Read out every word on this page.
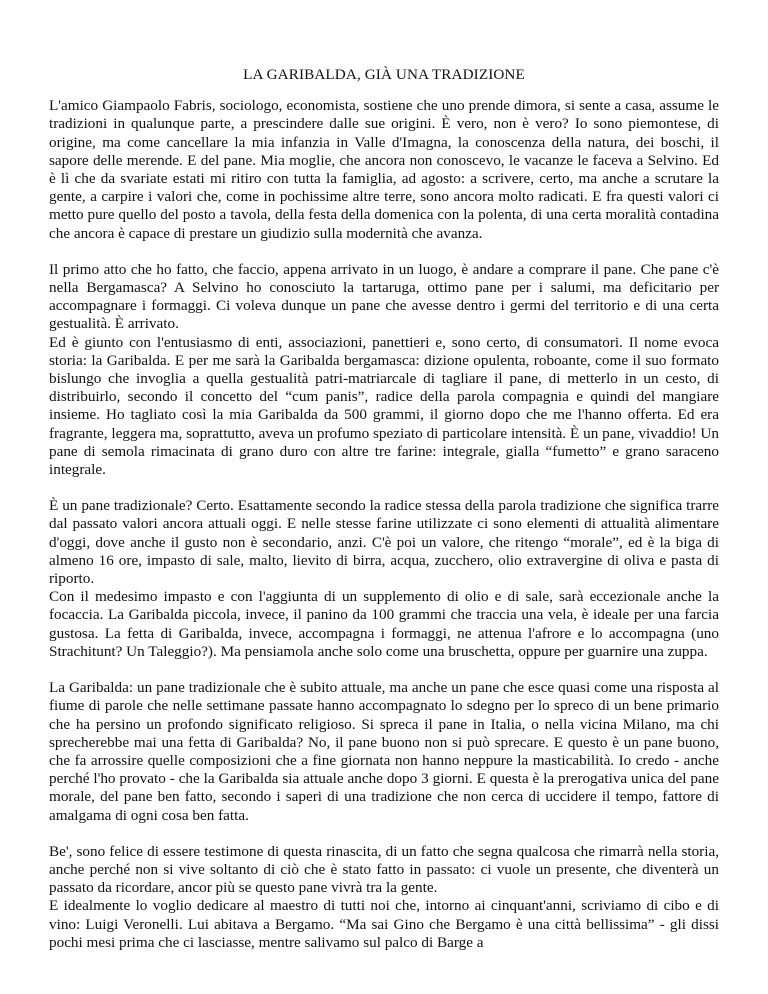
LA GARIBALDA, GIÀ UNA TRADIZIONE

L'amico Giampaolo Fabris, sociologo, economista, sostiene che uno prende dimora, si sente a casa, assume le tradizioni in qualunque parte, a prescindere dalle sue origini. È vero, non è vero? Io sono piemontese, di origine, ma come cancellare la mia infanzia in Valle d'Imagna, la conoscenza della natura, dei boschi, il sapore delle merende. E del pane. Mia moglie, che ancora non conoscevo, le vacanze le faceva a Selvino. Ed è lì che da svariate estati mi ritiro con tutta la famiglia, ad agosto: a scrivere, certo, ma anche a scrutare la gente, a carpire i valori che, come in pochissime altre terre, sono ancora molto radicati. E fra questi valori ci metto pure quello del posto a tavola, della festa della domenica con la polenta, di una certa moralità contadina che ancora è capace di prestare un giudizio sulla modernità che avanza.

Il primo atto che ho fatto, che faccio, appena arrivato in un luogo, è andare a comprare il pane. Che pane c'è nella Bergamasca? A Selvino ho conosciuto la tartaruga, ottimo pane per i salumi, ma deficitario per accompagnare i formaggi. Ci voleva dunque un pane che avesse dentro i germi del territorio e di una certa gestualità. È arrivato.

Ed è giunto con l'entusiasmo di enti, associazioni, panettieri e, sono certo, di consumatori. Il nome evoca storia: la Garibalda. E per me sarà la Garibalda bergamasca: dizione opulenta, roboante, come il suo formato bislungo che invoglia a quella gestualità patri-matriarcale di tagliare il pane, di metterlo in un cesto, di distribuirlo, secondo il concetto del “cum panis”, radice della parola compagnia e quindi del mangiare insieme. Ho tagliato così la mia Garibalda da 500 grammi, il giorno dopo che me l'hanno offerta. Ed era fragrante, leggera ma, soprattutto, aveva un profumo speziato di particolare intensità. È un pane, vivaddio! Un pane di semola rimacinata di grano duro con altre tre farine: integrale, gialla “fumetto” e grano saraceno integrale.

È un pane tradizionale? Certo. Esattamente secondo la radice stessa della parola tradizione che significa trarre dal passato valori ancora attuali oggi. E nelle stesse farine utilizzate ci sono elementi di attualità alimentare d'oggi, dove anche il gusto non è secondario, anzi. C'è poi un valore, che ritengo “morale”, ed è la biga di almeno 16 ore, impasto di sale, malto, lievito di birra, acqua, zucchero, olio extravergine di oliva e pasta di riporto.

Con il medesimo impasto e con l'aggiunta di un supplemento di olio e di sale, sarà eccezionale anche la focaccia. La Garibalda piccola, invece, il panino da 100 grammi che traccia una vela, è ideale per una farcia gustosa. La fetta di Garibalda, invece, accompagna i formaggi, ne attenua l'afrore e lo accompagna (uno Strachitunt? Un Taleggio?). Ma pensiamola anche solo come una bruschetta, oppure per guarnire una zuppa.

La Garibalda: un pane tradizionale che è subito attuale, ma anche un pane che esce quasi come una risposta al fiume di parole che nelle settimane passate hanno accompagnato lo sdegno per lo spreco di un bene primario che ha persino un profondo significato religioso. Si spreca il pane in Italia, o nella vicina Milano, ma chi sprecherebbe mai una fetta di Garibalda? No, il pane buono non si può sprecare. E questo è un pane buono, che fa arrossire quelle composizioni che a fine giornata non hanno neppure la masticabilità. Io credo - anche perché l'ho provato - che la Garibalda sia attuale anche dopo 3 giorni. E questa è la prerogativa unica del pane morale, del pane ben fatto, secondo i saperi di una tradizione che non cerca di uccidere il tempo, fattore di amalgama di ogni cosa ben fatta.

Be', sono felice di essere testimone di questa rinascita, di un fatto che segna qualcosa che rimarrà nella storia, anche perché non si vive soltanto di ciò che è stato fatto in passato: ci vuole un presente, che diventerà un passato da ricordare, ancor più se questo pane vivrà tra la gente.

E idealmente lo voglio dedicare al maestro di tutti noi che, intorno ai cinquant'anni, scriviamo di cibo e di vino: Luigi Veronelli. Lui abitava a Bergamo. “Ma sai Gino che Bergamo è una città bellissima” - gli dissi pochi mesi prima che ci lasciasse, mentre salivamo sul palco di Barge a
